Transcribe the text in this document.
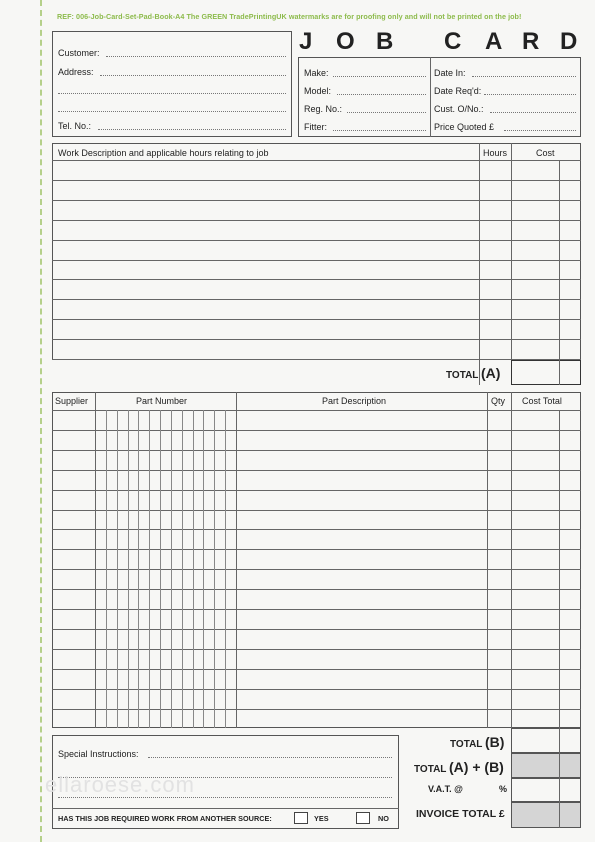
REF: 006-Job-Card-Set-Pad-Book-A4 The GREEN TradePrintingUK watermarks are for proofing only and will not be printed on the job!
Customer:
Address:
Tel. No.:
J O B C A R D
Make:
Model:
Reg. No.:
Fitter:
Date In:
Date Req'd:
Cust. O/No.:
Price Quoted £
Work Description and applicable hours relating to job	Hours	Cost
TOTAL (A)
Supplier	Part Number	Part Description	Qty Cost Total
Special Instructions:
HAS THIS JOB REQUIRED WORK FROM ANOTHER SOURCE:	YES	NO
TOTAL (B)
TOTAL (A) + (B)
V.A.T. @	%
INVOICE TOTAL £
ellaroese.com
